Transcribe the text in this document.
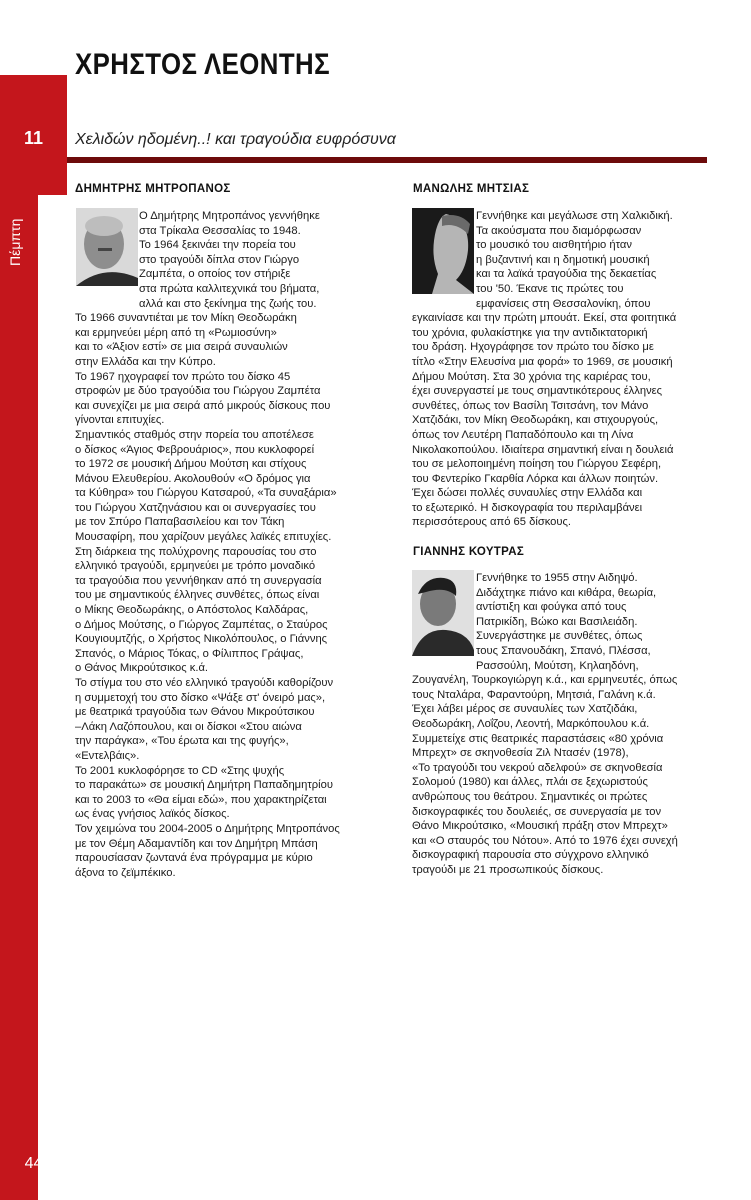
11
Πέμπτη
44
ΧΡΗΣΤΟΣ ΛΕΟΝΤΗΣ
Χελιδών ηδομένη..! και τραγούδια ευφρόσυνα
ΔΗΜΗΤΡΗΣ ΜΗΤΡΟΠΑΝΟΣ
Ο Δημήτρης Μητροπάνος γεννήθηκε
στα Τρίκαλα Θεσσαλίας το 1948.
Το 1964 ξεκινάει την πορεία του
στο τραγούδι δίπλα στον Γιώργο
Ζαμπέτα, ο οποίος τον στήριξε
στα πρώτα καλλιτεχνικά του βήματα,
αλλά και στο ξεκίνημα της ζωής του.
Το 1966 συναντιέται με τον Μίκη Θεοδωράκη
και ερμηνεύει μέρη από τη «Ρωμιοσύνη»
και το «Άξιον εστί» σε μια σειρά συναυλιών
στην Ελλάδα και την Κύπρο.
Το 1967 ηχογραφεί τον πρώτο του δίσκο 45
στροφών με δύο τραγούδια του Γιώργου Ζαμπέτα
και συνεχίζει με μια σειρά από μικρούς δίσκους που
γίνονται επιτυχίες.
Σημαντικός σταθμός στην πορεία του αποτέλεσε
ο δίσκος «Άγιος Φεβρουάριος», που κυκλοφορεί
το 1972 σε μουσική Δήμου Μούτση και στίχους
Μάνου Ελευθερίου. Ακολουθούν «Ο δρόμος για
τα Κύθηρα» του Γιώργου Κατσαρού, «Τα συναξάρια»
του Γιώργου Χατζηνάσιου και οι συνεργασίες του
με τον Σπύρο Παπαβασιλείου και τον Τάκη
Μουσαφίρη, που χαρίζουν μεγάλες λαϊκές επιτυχίες.
Στη διάρκεια της πολύχρονης παρουσίας του στο
ελληνικό τραγούδι, ερμηνεύει με τρόπο μοναδικό
τα τραγούδια που γεννήθηκαν από τη συνεργασία
του με σημαντικούς έλληνες συνθέτες, όπως είναι
ο Μίκης Θεοδωράκης, ο Απόστολος Καλδάρας,
ο Δήμος Μούτσης, ο Γιώργος Ζαμπέτας, ο Σταύρος
Κουγιουμτζής, ο Χρήστος Νικολόπουλος, ο Γιάννης
Σπανός, ο Μάριος Τόκας, ο Φίλιππος Γράψας,
ο Θάνος Μικρούτσικος κ.ά.
Το στίγμα του στο νέο ελληνικό τραγούδι καθορίζουν
η συμμετοχή του στο δίσκο «Ψάξε στ' όνειρό μας»,
με θεατρικά τραγούδια των Θάνου Μικρούτσικου
–Λάκη Λαζόπουλου, και οι δίσκοι «Στου αιώνα
την παράγκα», «Του έρωτα και της φυγής»,
«Εντελβάις».
Το 2001 κυκλοφόρησε το CD «Στης ψυχής
το παρακάτω» σε μουσική Δημήτρη Παπαδημητρίου
και το 2003 το «Θα είμαι εδώ», που χαρακτηρίζεται
ως ένας γνήσιος λαϊκός δίσκος.
Τον χειμώνα του 2004-2005 ο Δημήτρης Μητροπάνος
με τον Θέμη Αδαμαντίδη και τον Δημήτρη Μπάση
παρουσίασαν ζωντανά ένα πρόγραμμα με κύριο
άξονα το ζεϊμπέκικο.
ΜΑΝΩΛΗΣ ΜΗΤΣΙΑΣ
Γεννήθηκε και μεγάλωσε στη Χαλκιδική.
Τα ακούσματα που διαμόρφωσαν
το μουσικό του αισθητήριο ήταν
η βυζαντινή και η δημοτική μουσική
και τα λαϊκά τραγούδια της δεκαετίας
του '50. Έκανε τις πρώτες του
εμφανίσεις στη Θεσσαλονίκη, όπου
εγκαινίασε και την πρώτη μπουάτ. Εκεί, στα φοιτητικά
του χρόνια, φυλακίστηκε για την αντιδικτατορική
του δράση. Ηχογράφησε τον πρώτο του δίσκο με
τίτλο «Στην Ελευσίνα μια φορά» το 1969, σε μουσική
Δήμου Μούτση. Στα 30 χρόνια της καριέρας του,
έχει συνεργαστεί με τους σημαντικότερους έλληνες
συνθέτες, όπως τον Βασίλη Τσιτσάνη, τον Μάνο
Χατζιδάκι, τον Μίκη Θεοδωράκη, και στιχουργούς,
όπως τον Λευτέρη Παπαδόπουλο και τη Λίνα
Νικολακοπούλου. Ιδιαίτερα σημαντική είναι η δουλειά
του σε μελοποιημένη ποίηση του Γιώργου Σεφέρη,
του Φεντερίκο Γκαρθία Λόρκα και άλλων ποιητών.
Έχει δώσει πολλές συναυλίες στην Ελλάδα και
το εξωτερικό. Η δισκογραφία του περιλαμβάνει
περισσότερους από 65 δίσκους.
ΓΙΑΝΝΗΣ ΚΟΥΤΡΑΣ
Γεννήθηκε το 1955 στην Αιδηψό.
Διδάχτηκε πιάνο και κιθάρα, θεωρία,
αντίστιξη και φούγκα από τους
Πατρικίδη, Βώκο και Βασιλειάδη.
Συνεργάστηκε με συνθέτες, όπως
τους Σπανουδάκη, Σπανό, Πλέσσα,
Ρασσούλη, Μούτση, Κηλαηδόνη,
Ζουγανέλη, Τουρκογιώργη κ.ά., και ερμηνευτές, όπως
τους Νταλάρα, Φαραντούρη, Μητσιά, Γαλάνη κ.ά.
Έχει λάβει μέρος σε συναυλίες των Χατζιδάκι,
Θεοδωράκη, Λοΐζου, Λεοντή, Μαρκόπουλου κ.ά.
Συμμετείχε στις θεατρικές παραστάσεις «80 χρόνια
Μπρεχτ» σε σκηνοθεσία Ζιλ Ντασέν (1978),
«Το τραγούδι του νεκρού αδελφού» σε σκηνοθεσία
Σολομού (1980) και άλλες, πλάι σε ξεχωριστούς
ανθρώπους του θεάτρου. Σημαντικές οι πρώτες
δισκογραφικές του δουλειές, σε συνεργασία με τον
Θάνο Μικρούτσικο, «Μουσική πράξη στον Μπρεχτ»
και «Ο σταυρός του Νότου». Από το 1976 έχει συνεχή
δισκογραφική παρουσία στο σύγχρονο ελληνικό
τραγούδι με 21 προσωπικούς δίσκους.
